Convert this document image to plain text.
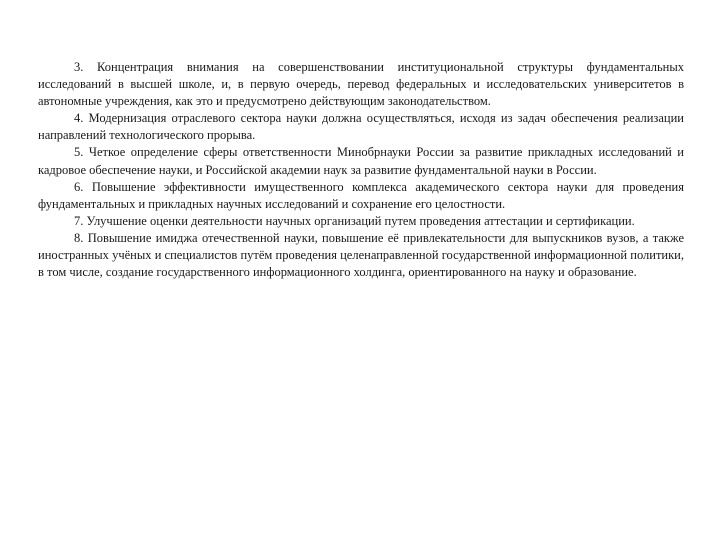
3. Концентрация внимания на совершенствовании институциональной структуры фундаментальных исследований в высшей школе, и, в первую очередь, перевод федеральных и исследовательских университетов в автономные учреждения, как это и предусмотрено действующим законодательством.

4. Модернизация отраслевого сектора науки должна осуществляться, исходя из задач обеспечения реализации направлений технологического прорыва.

5. Четкое определение сферы ответственности Минобрнауки России за развитие прикладных исследований и кадровое обеспечение науки, и Российской академии наук за развитие фундаментальной науки в России.

6. Повышение эффективности имущественного комплекса академического сектора науки для проведения фундаментальных и прикладных научных исследований и сохранение его целостности.

7. Улучшение оценки деятельности научных организаций путем проведения аттестации и сертификации.

8. Повышение имиджа отечественной науки, повышение её привлекательности для выпускников вузов, а также иностранных учёных и специалистов путём проведения целенаправленной государственной информационной политики, в том числе, создание государственного информационного холдинга, ориентированного на науку и образование.
